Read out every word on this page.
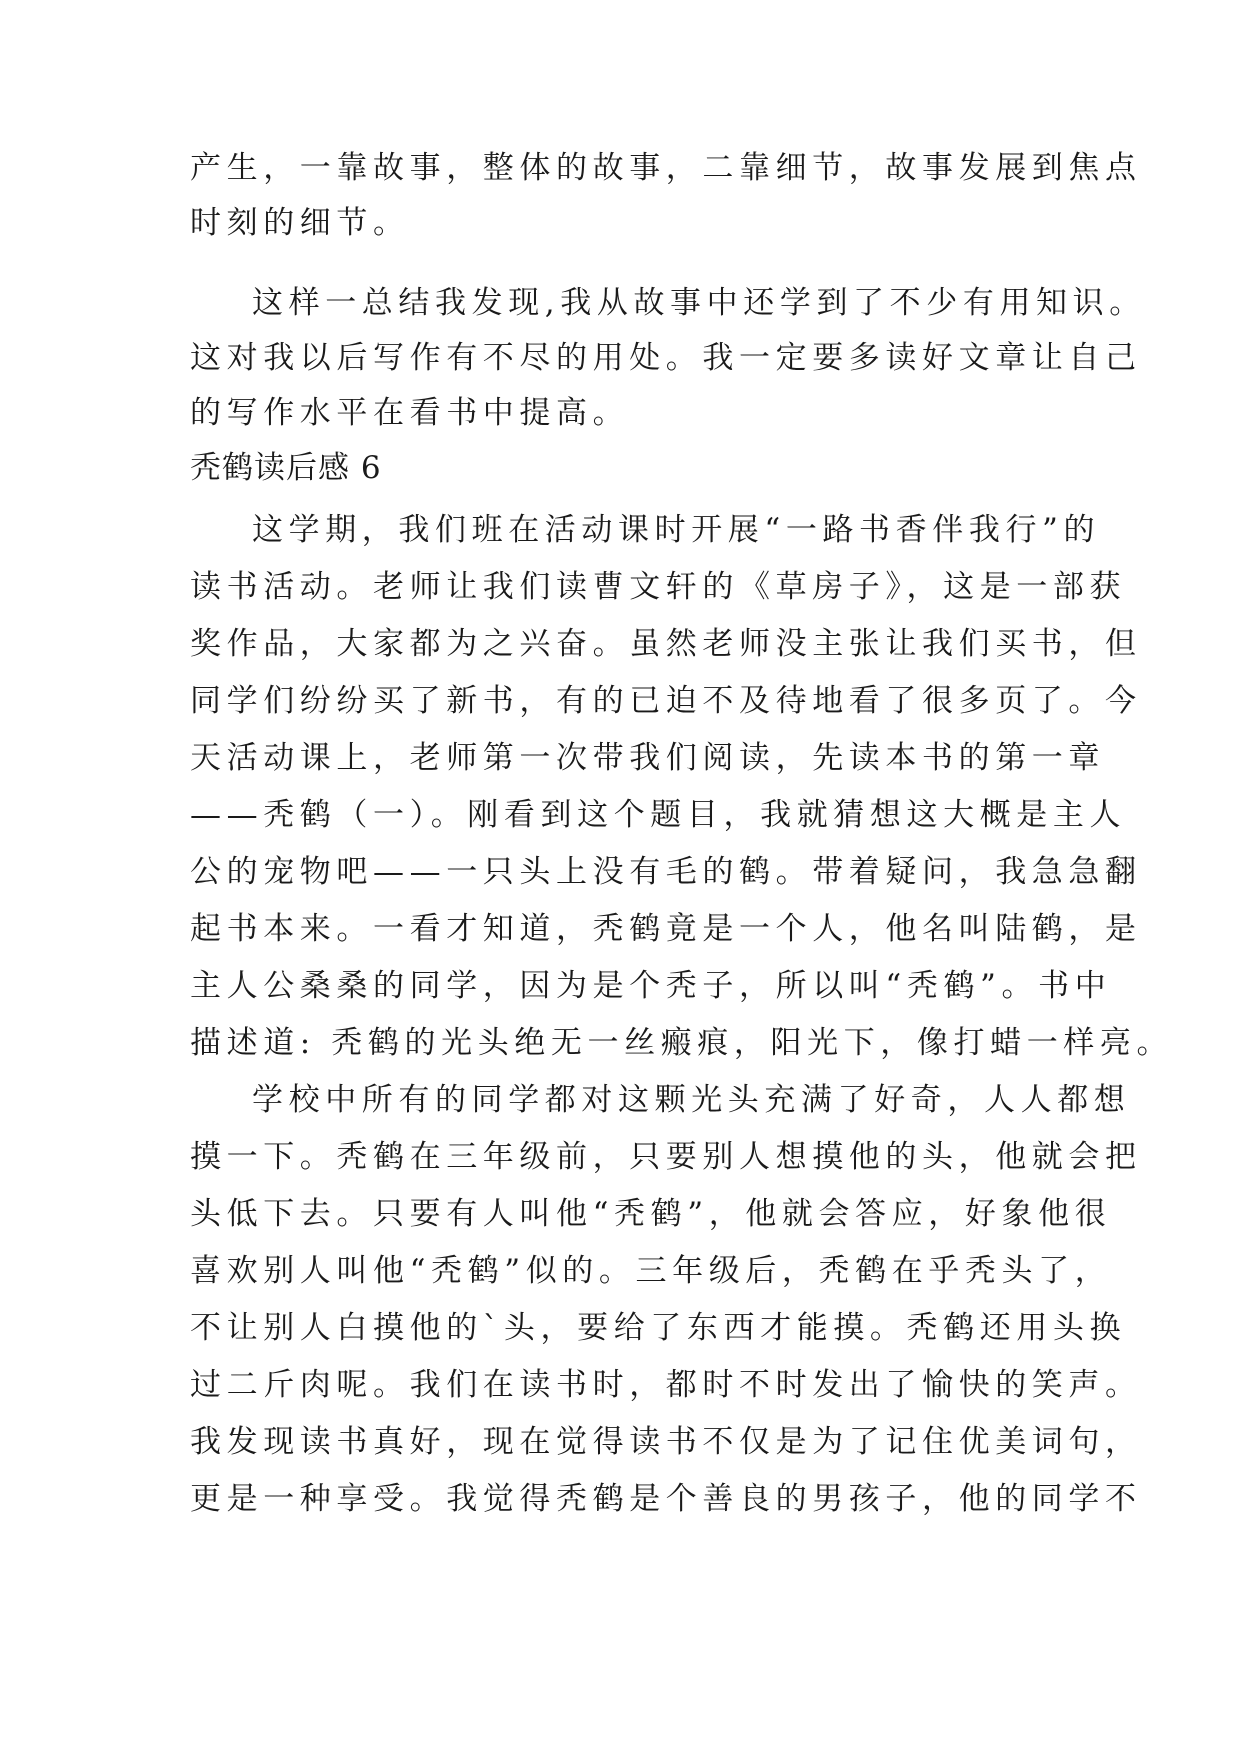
产生，一靠故事，整体的故事，二靠细节，故事发展到焦点
时刻的细节。
这样一总结我发现,我从故事中还学到了不少有用知识。
这对我以后写作有不尽的用处。我一定要多读好文章让自己
的写作水平在看书中提高。
秃鹤读后感 6
这学期，我们班在活动课时开展“一路书香伴我行”的
读书活动。老师让我们读曹文轩的《草房子》，这是一部获
奖作品，大家都为之兴奋。虽然老师没主张让我们买书，但
同学们纷纷买了新书，有的已迫不及待地看了很多页了。今
天活动课上，老师第一次带我们阅读，先读本书的第一章
——秃鹤（一）。刚看到这个题目，我就猜想这大概是主人
公的宠物吧——一只头上没有毛的鹤。带着疑问，我急急翻
起书本来。一看才知道，秃鹤竟是一个人，他名叫陆鹤，是
主人公桑桑的同学，因为是个秃子，所以叫“秃鹤”。书中
描述道: 秃鹤的光头绝无一丝瘢痕，阳光下，像打蜡一样亮。
学校中所有的同学都对这颗光头充满了好奇，人人都想
摸一下。秃鹤在三年级前，只要别人想摸他的头，他就会把
头低下去。只要有人叫他“秃鹤”，他就会答应，好象他很
喜欢别人叫他“秃鹤”似的。三年级后，秃鹤在乎秃头了，
不让别人白摸他的`头，要给了东西才能摸。秃鹤还用头换
过二斤肉呢。我们在读书时，都时不时发出了愉快的笑声。
我发现读书真好，现在觉得读书不仅是为了记住优美词句，
更是一种享受。我觉得秃鹤是个善良的男孩子，他的同学不
